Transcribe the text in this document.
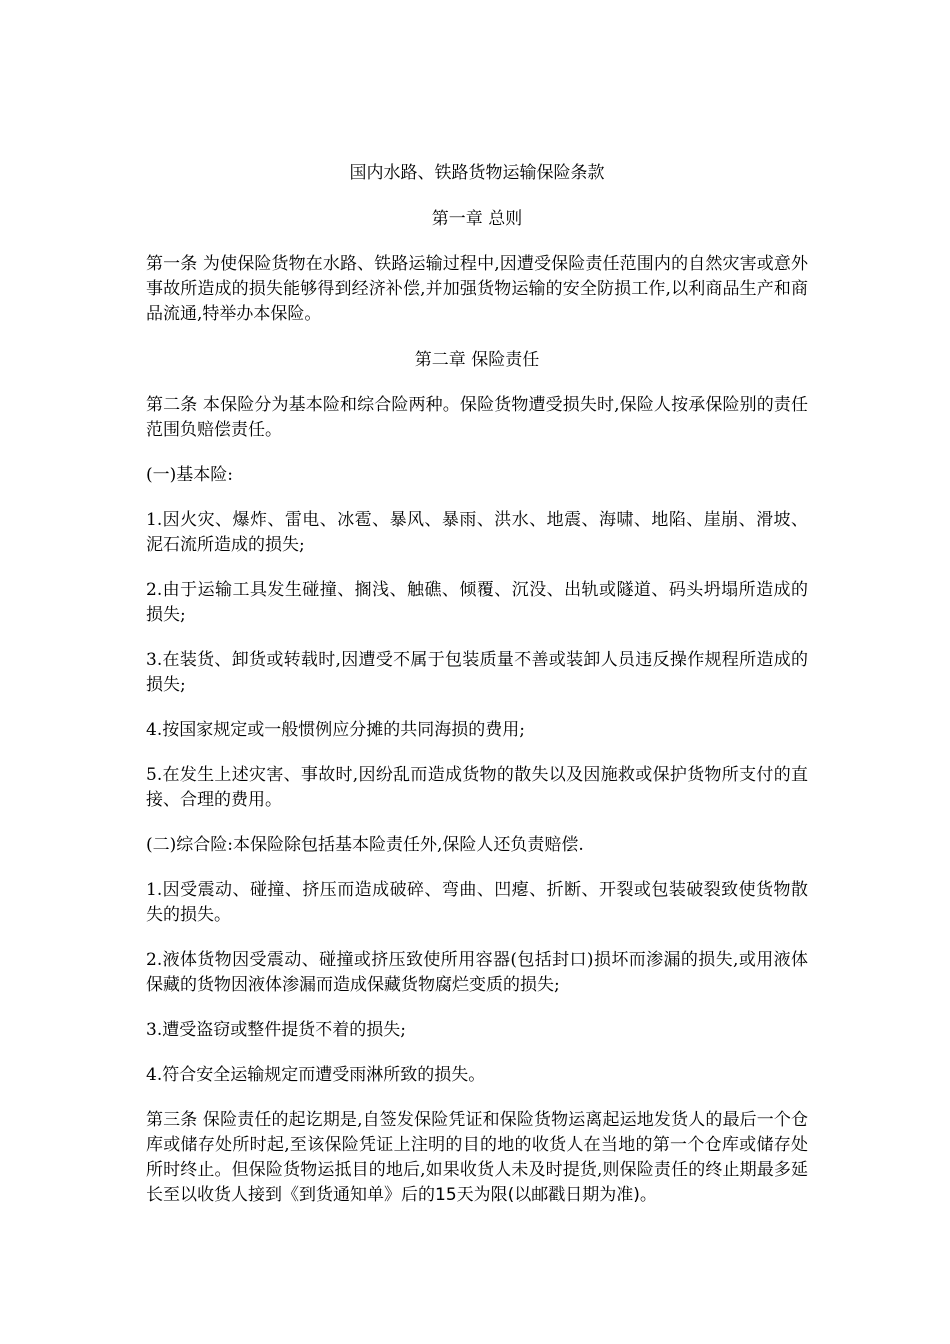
国内水路、铁路货物运输保险条款

第一章 总则

第一条 为使保险货物在水路、铁路运输过程中,因遭受保险责任范围内的自然灾害或意外事故所造成的损失能够得到经济补偿,并加强货物运输的安全防损工作,以利商品生产和商品流通,特举办本保险。

第二章 保险责任

第二条 本保险分为基本险和综合险两种。保险货物遭受损失时,保险人按承保险别的责任范围负赔偿责任。

(一)基本险:

1.因火灾、爆炸、雷电、冰雹、暴风、暴雨、洪水、地震、海啸、地陷、崖崩、滑坡、泥石流所造成的损失;

2.由于运输工具发生碰撞、搁浅、触礁、倾覆、沉没、出轨或隧道、码头坍塌所造成的损失;

3.在装货、卸货或转载时,因遭受不属于包装质量不善或装卸人员违反操作规程所造成的损失;

4.按国家规定或一般惯例应分摊的共同海损的费用;

5.在发生上述灾害、事故时,因纷乱而造成货物的散失以及因施救或保护货物所支付的直接、合理的费用。

(二)综合险:本保险除包括基本险责任外,保险人还负责赔偿.

1.因受震动、碰撞、挤压而造成破碎、弯曲、凹瘪、折断、开裂或包装破裂致使货物散失的损失。

2.液体货物因受震动、碰撞或挤压致使所用容器(包括封口)损坏而渗漏的损失,或用液体保藏的货物因液体渗漏而造成保藏货物腐烂变质的损失;

3.遭受盗窃或整件提货不着的损失;

4.符合安全运输规定而遭受雨淋所致的损失。

第三条 保险责任的起讫期是,自签发保险凭证和保险货物运离起运地发货人的最后一个仓库或储存处所时起,至该保险凭证上注明的目的地的收货人在当地的第一个仓库或储存处所时终止。但保险货物运抵目的地后,如果收货人未及时提货,则保险责任的终止期最多延长至以收货人接到《到货通知单》后的15天为限(以邮戳日期为准)。
